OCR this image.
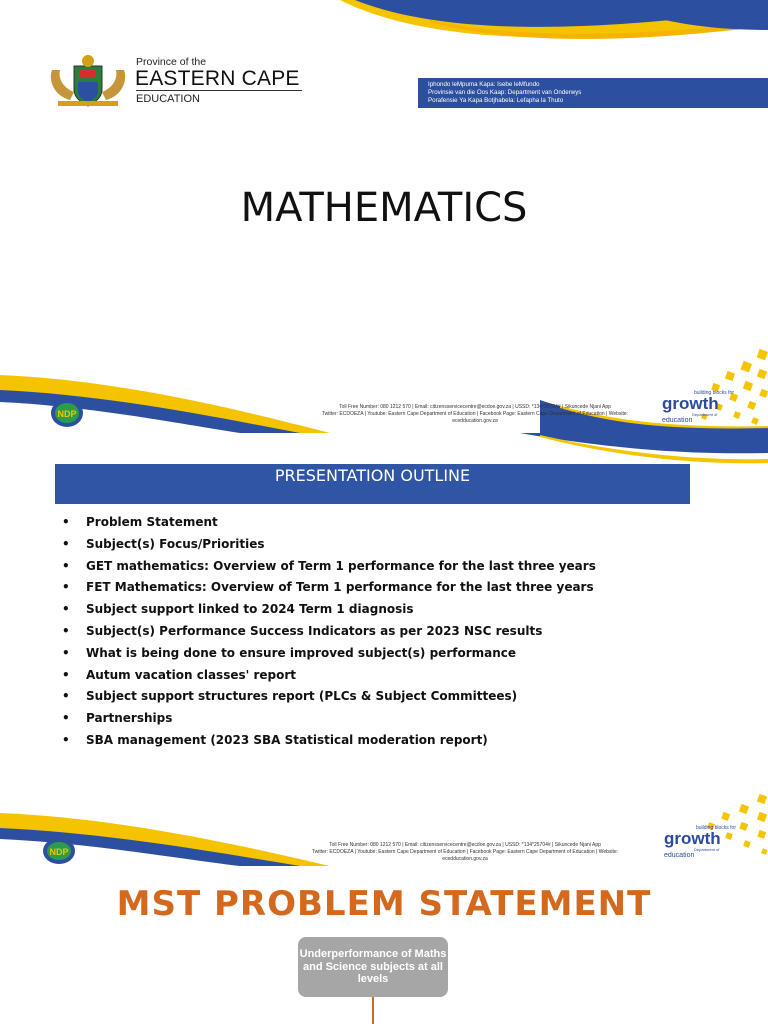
Province of the
EASTERN CAPE
EDUCATION
Iphondo leMpuma Kapa: Isebe leMfundo
Provinsie van die Oos Kaap: Department van Onderwys
Porafensie Ya Kapa Botjhabela: Lefapha la Thuto
MATHEMATICS
NDP
Toll Free Number: 080 1212 570 | Email: citizensservicecentre@ecdoe.gov.za | USSD: *134*25704# | Sikuncede Njani App
Twitter: ECDOEZA | Youtube: Eastern Cape Department of Education | Facebook Page: Eastern Cape Department of Education | Website:
ecedducation.gov.za
building blocks for
growth
Department of
education
PRESENTATION OUTLINE
• Problem Statement
• Subject(s) Focus/Priorities
• GET mathematics: Overview of Term 1 performance for the last three years
• FET Mathematics: Overview of Term 1 performance for the last three years
• Subject support linked to 2024 Term 1 diagnosis
• Subject(s) Performance Success Indicators as per 2023 NSC results
• What is being done to ensure improved subject(s) performance
• Autum vacation classes' report
• Subject support structures report (PLCs & Subject Committees)
• Partnerships
• SBA management (2023 SBA Statistical moderation report)
NDP
Toll Free Number: 080 1212 570 | Email: citizensservicecentre@ecdoe.gov.za | USSD: *134*25704# | Sikuncede Njani App
Twitter: ECDOEZA | Youtube: Eastern Cape Department of Education | Facebook Page: Eastern Cape Department of Education | Website:
ecedducation.gov.za
building blocks for
growth
Department of
education
MST PROBLEM STATEMENT
Underperformance of Maths and Science subjects at all levels
